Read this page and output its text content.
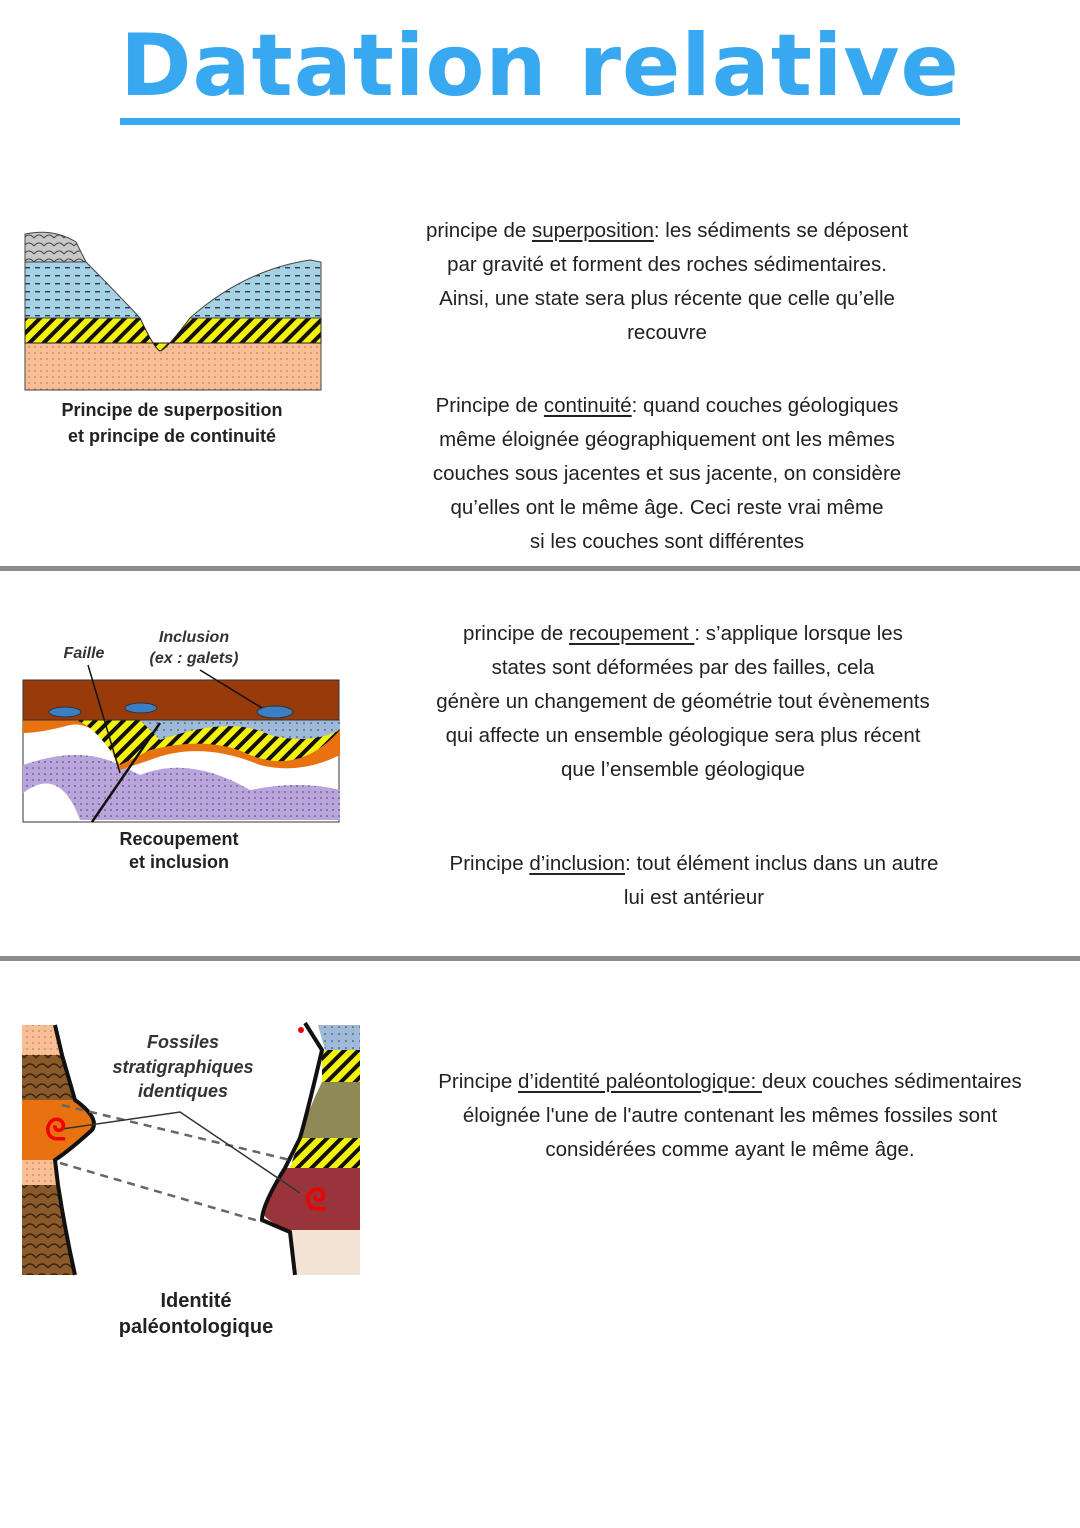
Datation relative
Principe de superposition
et principe de continuité
Faille
Inclusion
(ex : galets)
Recoupement
et inclusion
ᘓ
ᘓ
Fossiles
stratigraphiques
identiques
Identité
paléontologique
principe de superposition: les sédiments se déposent
par gravité et forment des roches sédimentaires.
Ainsi, une state sera plus récente que celle qu’elle
recouvre
Principe de continuité: quand couches géologiques
même éloignée géographiquement ont les mêmes
couches sous jacentes et sus jacente, on considère
qu’elles ont le même âge. Ceci reste vrai même
si les couches sont différentes
principe de recoupement : s’applique lorsque les
states sont déformées par des failles, cela
génère un changement de géométrie tout évènements
qui affecte un ensemble géologique sera plus récent
que l’ensemble géologique
Principe d’inclusion: tout élément inclus dans un autre
lui est antérieur
Principe d’identité paléontologique: deux couches sédimentaires
éloignée l'une de l'autre contenant les mêmes fossiles sont
considérées comme ayant le même âge.
